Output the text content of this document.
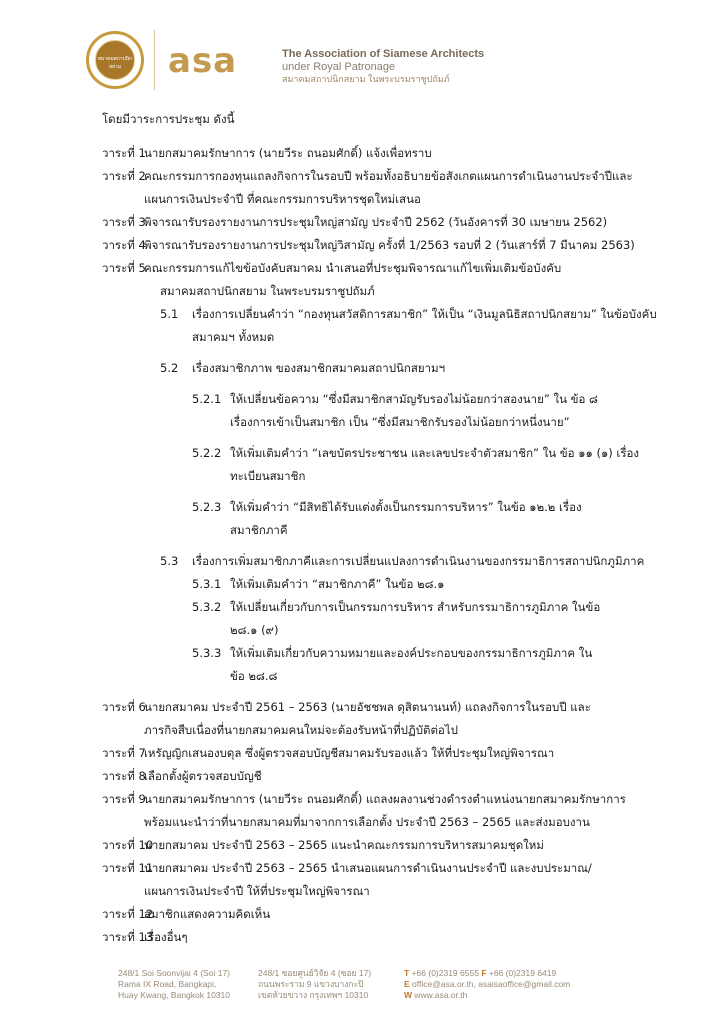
สมาคมสถาปนิกสยาม	asa	The Association of Siamese Architects
under Royal Patronage
สมาคมสถาปนิกสยาม ในพระบรมราชูปถัมภ์
โดยมีวาระการประชุม ดังนี้
วาระที่ 1
นายกสมาคมรักษาการ (นายวีระ ถนอมศักดิ์) แจ้งเพื่อทราบ
วาระที่ 2
คณะกรรมการกองทุนแถลงกิจการในรอบปี พร้อมทั้งอธิบายข้อสังเกตแผนการดำเนินงานประจำปีและ
แผนการเงินประจำปี ที่คณะกรรมการบริหารชุดใหม่เสนอ
วาระที่ 3
พิจารณารับรองรายงานการประชุมใหญ่สามัญ ประจำปี 2562 (วันอังคารที่ 30 เมษายน 2562)
วาระที่ 4
พิจารณารับรองรายงานการประชุมใหญ่วิสามัญ ครั้งที่ 1/2563 รอบที่ 2 (วันเสาร์ที่ 7 มีนาคม 2563)
วาระที่ 5
คณะกรรมการแก้ไขข้อบังคับสมาคม นำเสนอที่ประชุมพิจารณาแก้ไขเพิ่มเติมข้อบังคับ
สมาคมสถาปนิกสยาม ในพระบรมราชูปถัมภ์
5.1 เรื่องการเปลี่ยนคำว่า “กองทุนสวัสดิการสมาชิก” ให้เป็น “เงินมูลนิธิสถาปนิกสยาม” ในข้อบังคับ
สมาคมฯ ทั้งหมด
5.2 เรื่องสมาชิกภาพ ของสมาชิกสมาคมสถาปนิกสยามฯ
5.2.1 ให้เปลี่ยนข้อความ “ซึ่งมีสมาชิกสามัญรับรองไม่น้อยกว่าสองนาย” ใน ข้อ ๘
เรื่องการเข้าเป็นสมาชิก เป็น “ซึ่งมีสมาชิกรับรองไม่น้อยกว่าหนึ่งนาย”
5.2.2 ให้เพิ่มเติมคำว่า “เลขบัตรประชาชน และเลขประจำตัวสมาชิก” ใน ข้อ ๑๑ (๑) เรื่อง
ทะเบียนสมาชิก
5.2.3 ให้เพิ่มคำว่า “มีสิทธิได้รับแต่งตั้งเป็นกรรมการบริหาร” ในข้อ ๑๒.๒ เรื่อง
สมาชิกภาคี
5.3 เรื่องการเพิ่มสมาชิกภาคีและการเปลี่ยนแปลงการดำเนินงานของกรรมาธิการสถาปนิกภูมิภาค
5.3.1 ให้เพิ่มเติมคำว่า “สมาชิกภาคี” ในข้อ ๒๘.๑
5.3.2 ให้เปลี่ยนเกี่ยวกับการเป็นกรรมการบริหาร สำหรับกรรมาธิการภูมิภาค ในข้อ
๒๘.๑ (๙)
5.3.3 ให้เพิ่มเติมเกี่ยวกับความหมายและองค์ประกอบของกรรมาธิการภูมิภาค ใน
ข้อ ๒๘.๘
วาระที่ 6
นายกสมาคม ประจำปี 2561 – 2563 (นายอัชชพล ดุสิตนานนท์) แถลงกิจการในรอบปี และ
ภารกิจสืบเนื่องที่นายกสมาคมคนใหม่จะต้องรับหน้าที่ปฏิบัติต่อไป
วาระที่ 7
เหรัญญิกเสนองบดุล ซึ่งผู้ตรวจสอบบัญชีสมาคมรับรองแล้ว ให้ที่ประชุมใหญ่พิจารณา
วาระที่ 8
เลือกตั้งผู้ตรวจสอบบัญชี
วาระที่ 9
นายกสมาคมรักษาการ (นายวีระ ถนอมศักดิ์) แถลงผลงานช่วงดำรงตำแหน่งนายกสมาคมรักษาการ
พร้อมแนะนำว่าที่นายกสมาคมที่มาจากการเลือกตั้ง ประจำปี 2563 – 2565 และส่งมอบงาน
วาระที่ 10
นายกสมาคม ประจำปี 2563 – 2565 แนะนำคณะกรรมการบริหารสมาคมชุดใหม่
วาระที่ 11
นายกสมาคม ประจำปี 2563 – 2565 นำเสนอแผนการดำเนินงานประจำปี และงบประมาณ/
แผนการเงินประจำปี ให้ที่ประชุมใหญ่พิจารณา
วาระที่ 12
สมาชิกแสดงความคิดเห็น
วาระที่ 13
เรื่องอื่นๆ
248/1 Soi Soonvijai 4 (Soi 17)
Rama IX Road, Bangkapi,
Huay Kwang, Bangkok 10310
248/1 ซอยศูนย์วิจัย 4 (ซอย 17)
ถนนพระราม 9 แขวงบางกะปิ
เขตห้วยขวาง กรุงเทพฯ 10310
T +66 (0)2319 6555 F +66 (0)2319 6419
E office@asa.or.th, asaisaoffice@gmail.com
W www.asa.or.th
